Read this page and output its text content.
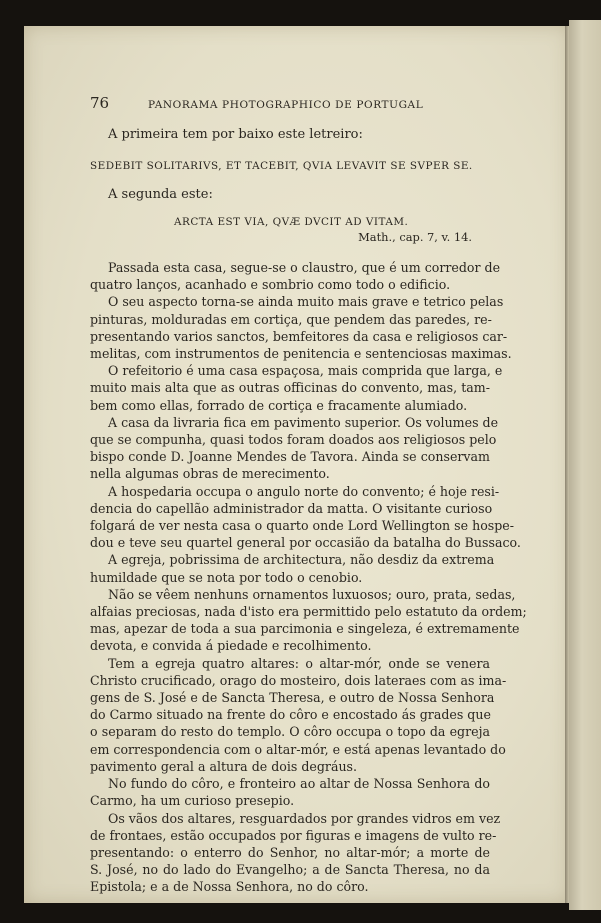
76	PANORAMA PHOTOGRAPHICO DE PORTUGAL
A primeira tem por baixo este letreiro:
SEDEBIT SOLITARIVS, ET TACEBIT, QVIA LEVAVIT SE SVPER SE.
A segunda este:
ARCTA EST VIA, QVÆ DVCIT AD VITAM.
Math., cap. 7, v. 14.
Passada esta casa, segue-se o claustro, que é um corredor de
quatro lanços, acanhado e sombrio como todo o edificio.
O seu aspecto torna-se ainda muito mais grave e tetrico pelas
pinturas, molduradas em cortiça, que pendem das paredes, re-
presentando varios sanctos, bemfeitores da casa e religiosos car-
melitas, com instrumentos de penitencia e sentenciosas maximas.
O refeitorio é uma casa espaçosa, mais comprida que larga, e
muito mais alta que as outras officinas do convento, mas, tam-
bem como ellas, forrado de cortiça e fracamente alumiado.
A casa da livraria fica em pavimento superior. Os volumes de
que se compunha, quasi todos foram doados aos religiosos pelo
bispo conde D. Joanne Mendes de Tavora. Ainda se conservam
nella algumas obras de merecimento.
A hospedaria occupa o angulo norte do convento; é hoje resi-
dencia do capellão administrador da matta. O visitante curioso
folgará de ver nesta casa o quarto onde Lord Wellington se hospe-
dou e teve seu quartel general por occasião da batalha do Bussaco.
A egreja, pobrissima de architectura, não desdiz da extrema
humildade que se nota por todo o cenobio.
Não se vêem nenhuns ornamentos luxuosos; ouro, prata, sedas,
alfaias preciosas, nada d'isto era permittido pelo estatuto da ordem;
mas, apezar de toda a sua parcimonia e singeleza, é extremamente
devota, e convida á piedade e recolhimento.
Tem a egreja quatro altares: o altar-mór, onde se venera
Christo crucificado, orago do mosteiro, dois lateraes com as ima-
gens de S. José e de Sancta Theresa, e outro de Nossa Senhora
do Carmo situado na frente do côro e encostado ás grades que
o separam do resto do templo. O côro occupa o topo da egreja
em correspondencia com o altar-mór, e está apenas levantado do
pavimento geral a altura de dois degráus.
No fundo do côro, e fronteiro ao altar de Nossa Senhora do
Carmo, ha um curioso presepio.
Os vãos dos altares, resguardados por grandes vidros em vez
de frontaes, estão occupados por figuras e imagens de vulto re-
presentando: o enterro do Senhor, no altar-mór; a morte de
S. José, no do lado do Evangelho; a de Sancta Theresa, no da
Epistola; e a de Nossa Senhora, no do côro.
